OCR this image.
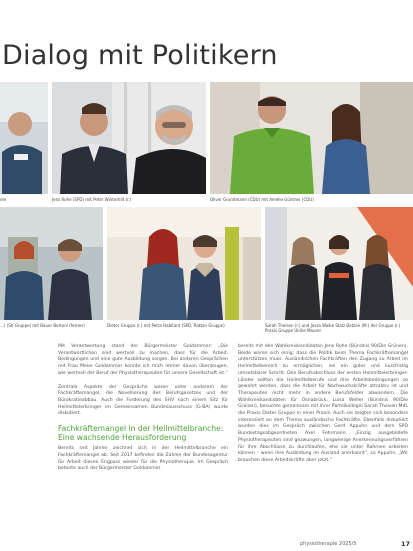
Dialog mit Politikern
ele	Jens Rohe (SPD) mit Peter Winterhilt (r.)	Oliver Grundmann (CDU) mit Amelie Güntner (CDU)
...) (SV Gruppe) mit Bauer Bertoni (fernes)	Dieter Gruppe (r.) mit Petra Habitant (SPD, Rattan Gruppe)	Sarah Theisen (r.) und Jessa Wolke Stalz Batzen (M.) der Gruppe (r.) Praxis Gruppe Ulrike Maurer

Mit Verantwortung stand der Bürgermeister Goldammer: „Die Verantwortlichen sind wertvoll zu machen, dass für die Arbeit, Bedingungen und eine gute Ausbildung sorgen. Bei anderen Gesprächen mit Frau Meier Goldammer konnte ich mich immer davon überzeugen, wie wertvoll der Beruf der Physiotherapeuten für unsere Gesellschaft ist.“

Zentrale Aspekte der Gespräche waren unter anderem der Fachkräftemangel, die Novellierung des Berufsgesetzes und der Bürokratieabbau. Auch die Forderung des SHV nach einem Sitz für Heilmittelerbringer im Gemeinsamen Bundesausschuss (G-BA) wurde diskutiert.

Fachkräftemangel in der Heilmittelbranche: Eine wachsende Herausforderung

Bereits seit Jahren zeichnet sich in der Heilmittelbranche ein Fachkräftemangel ab. Seit 2017 befinden die Zahlen der Bundesagentur für Arbeit diesen Engpass wieder für die Physiotherapie. Im Gespräch betonte auch der Bürgermeister Goldammer

bereits mit den Wahlkreiskandidaten Jens Rohe (Bündnis 90/Die Grünen). Beide waren sich einig, dass die Politik beim Thema Fachkräftemangel unterstützen muss. Ausländischen Fachkräften den Zugang zu Arbeit im Heilmittelbereich zu ermöglichen, sei ein guter und kurzfristig umsetzbarer Schritt. Den Berufsabschluss der ersten Heilmittelerbringer-Länder sollten die Heilmittelberufe und ihre Arbeitsbedingungen so gewahrt werden, dass die Arbeit für Nachwuchskräfte attraktiv ist und Therapeuten nicht mehr in andere Berufsfelder abwandern. Die Wahlkreiskandidaten für Osnabrück, Luisa Weller (Bündnis 90/Die Grünen), besuchte gemeinsam mit ihrer Parteikollegin Sarah Theisen MdL die Praxis Dieter Gruppe in einer Praxis. Auch sie zeigten sich besonders interessiert an dem Thema ausländische Fachkräfte. Ebenfalls diskutiert wurden dies im Gespräch zwischen Gerd Appuhn und dem SPD Bundestagsabgeordneten Axel Fehrmann. „Einzig ausgebildete Physiotherapeuten sind gezwungen, langwierige Anerkennungsverfahren für ihre Abschlüsse zu durchlaufen, ehe sie unter Rahmen arbeiten können – wenn ihre Ausbildung im Ausland anerkannt“, so Appuhn. „Wir brauchen diese Arbeitskräfte aber jetzt.“

physiotherapie 2025/5	17
